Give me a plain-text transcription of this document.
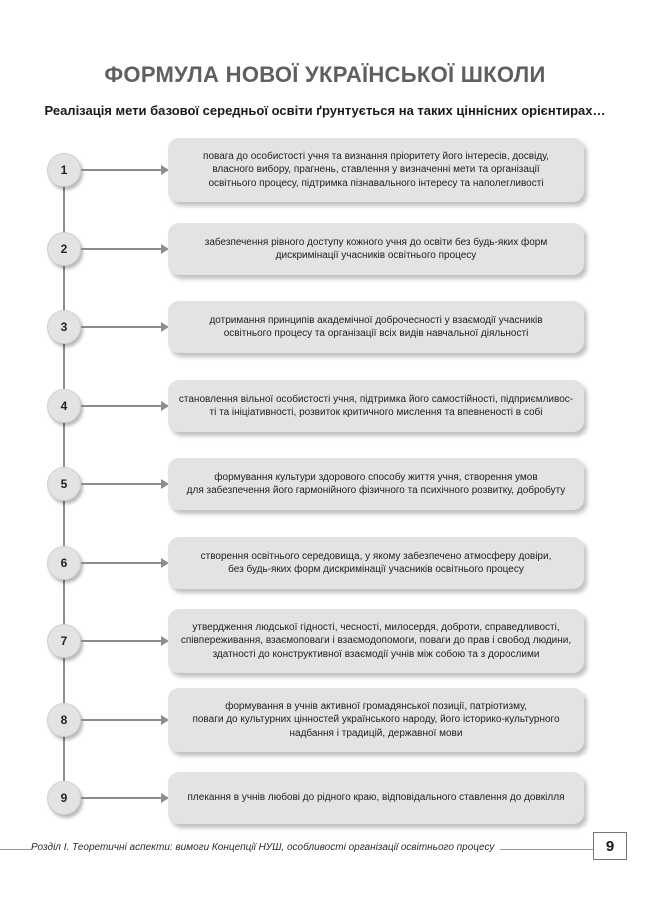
ФОРМУЛА НОВОЇ УКРАЇНСЬКОЇ ШКОЛИ
Реалізація мети базової середньої освіти ґрунтується на таких ціннісних орієнтирах…
1
повага до особистості учня та визнання пріоритету його інтересів, досвіду,
власного вибору, прагнень, ставлення у визначенні мети та організації
освітнього процесу, підтримка пізнавального інтересу та наполегливості
2	забезпечення рівного доступу кожного учня до освіти без будь-яких форм
дискримінації учасників освітнього процесу
3	дотримання принципів академічної доброчесності у взаємодії учасників
освітнього процесу та організації всіх видів навчальної діяльності
4	становлення вільної особистості учня, підтримка його самостійності, підприємливос-
ті та ініціативності, розвиток критичного мислення та впевненості в собі
5	формування культури здорового способу життя учня, створення умов
для забезпечення його гармонійного фізичного та психічного розвитку, добробуту
6	створення освітнього середовища, у якому забезпечено атмосферу довіри,
без будь-яких форм дискримінації учасників освітнього процесу
7
утвердження людської гідності, чесності, милосердя, доброти, справедливості,
співпереживання, взаємоповаги і взаємодопомоги, поваги до прав і свобод людини,
здатності до конструктивної взаємодії учнів між собою та з дорослими
8
формування в учнів активної громадянської позиції, патріотизму,
поваги до культурних цінностей українського народу, його історико-культурного
надбання і традицій, державної мови
9	плекання в учнів любові до рідного краю, відповідального ставлення до довкілля
Розділ І. Теоретичні аспекти: вимоги Концепції НУШ, особливості організації освітнього процесу	9
